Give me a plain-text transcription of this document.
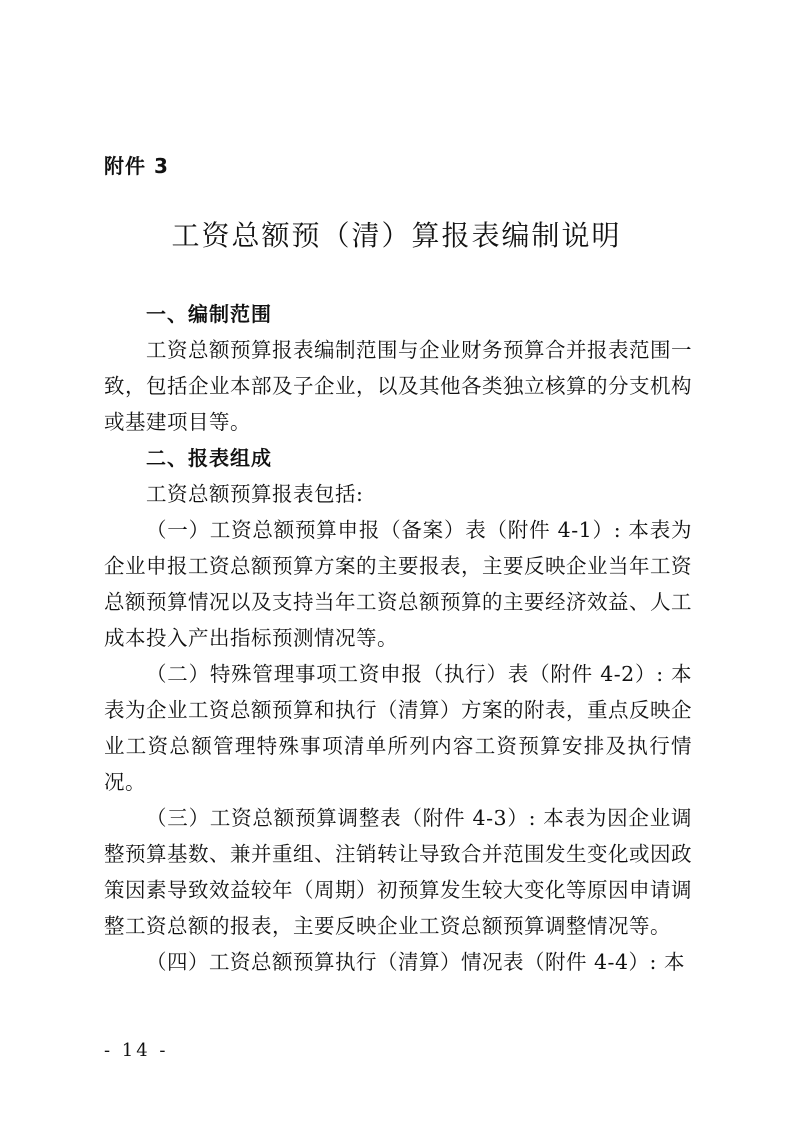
附件 3

工资总额预（清）算报表编制说明
一、编制范围

工资总额预算报表编制范围与企业财务预算合并报表范围一致，包括企业本部及子企业，以及其他各类独立核算的分支机构或基建项目等。

二、报表组成

工资总额预算报表包括:

（一）工资总额预算申报（备案）表（附件 4-1）: 本表为企业申报工资总额预算方案的主要报表，主要反映企业当年工资总额预算情况以及支持当年工资总额预算的主要经济效益、人工成本投入产出指标预测情况等。

（二）特殊管理事项工资申报（执行）表（附件 4-2）: 本表为企业工资总额预算和执行（清算）方案的附表，重点反映企业工资总额管理特殊事项清单所列内容工资预算安排及执行情况。

（三）工资总额预算调整表（附件 4-3）: 本表为因企业调整预算基数、兼并重组、注销转让导致合并范围发生变化或因政策因素导致效益较年（周期）初预算发生较大变化等原因申请调整工资总额的报表，主要反映企业工资总额预算调整情况等。

（四）工资总额预算执行（清算）情况表（附件 4-4）: 本

- 14 -
